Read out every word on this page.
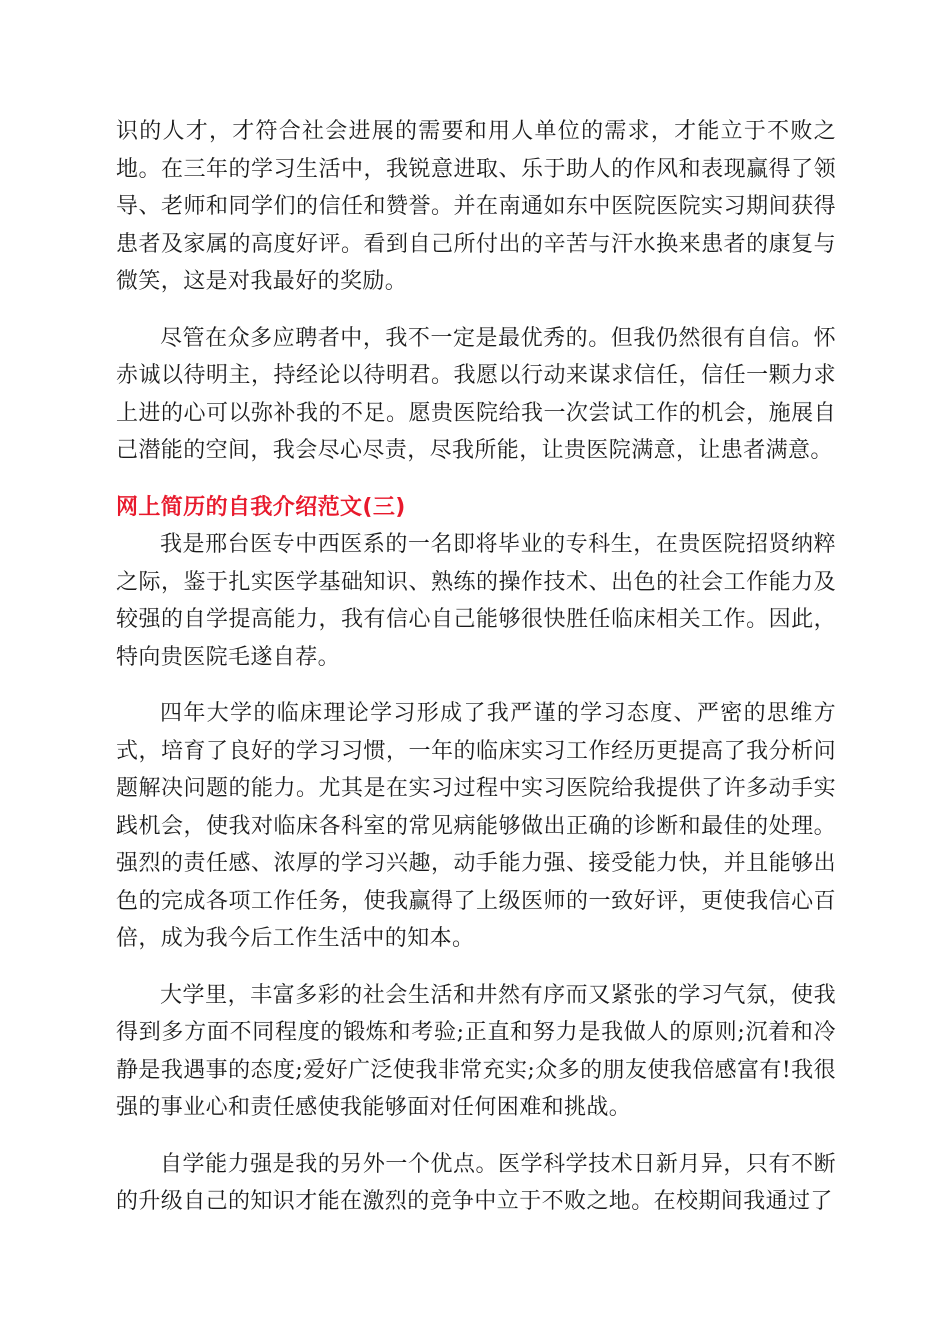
识的人才，才符合社会进展的需要和用人单位的需求，才能立于不败之地。在三年的学习生活中，我锐意进取、乐于助人的作风和表现赢得了领导、老师和同学们的信任和赞誉。并在南通如东中医院医院实习期间获得患者及家属的高度好评。看到自己所付出的辛苦与汗水换来患者的康复与微笑，这是对我最好的奖励。

尽管在众多应聘者中，我不一定是最优秀的。但我仍然很有自信。怀赤诚以待明主，持经论以待明君。我愿以行动来谋求信任，信任一颗力求上进的心可以弥补我的不足。愿贵医院给我一次尝试工作的机会，施展自己潜能的空间，我会尽心尽责，尽我所能，让贵医院满意，让患者满意。

网上简历的自我介绍范文(三)

我是邢台医专中西医系的一名即将毕业的专科生，在贵医院招贤纳粹之际，鉴于扎实医学基础知识、熟练的操作技术、出色的社会工作能力及较强的自学提高能力，我有信心自己能够很快胜任临床相关工作。因此，特向贵医院毛遂自荐。

四年大学的临床理论学习形成了我严谨的学习态度、严密的思维方式，培育了良好的学习习惯，一年的临床实习工作经历更提高了我分析问题解决问题的能力。尤其是在实习过程中实习医院给我提供了许多动手实践机会，使我对临床各科室的常见病能够做出正确的诊断和最佳的处理。强烈的责任感、浓厚的学习兴趣，动手能力强、接受能力快，并且能够出色的完成各项工作任务，使我赢得了上级医师的一致好评，更使我信心百倍，成为我今后工作生活中的知本。

大学里，丰富多彩的社会生活和井然有序而又紧张的学习气氛，使我得到多方面不同程度的锻炼和考验;正直和努力是我做人的原则;沉着和冷静是我遇事的态度;爱好广泛使我非常充实;众多的朋友使我倍感富有!我很强的事业心和责任感使我能够面对任何困难和挑战。

自学能力强是我的另外一个优点。医学科学技术日新月异，只有不断的升级自己的知识才能在激烈的竞争中立于不败之地。在校期间我通过了
